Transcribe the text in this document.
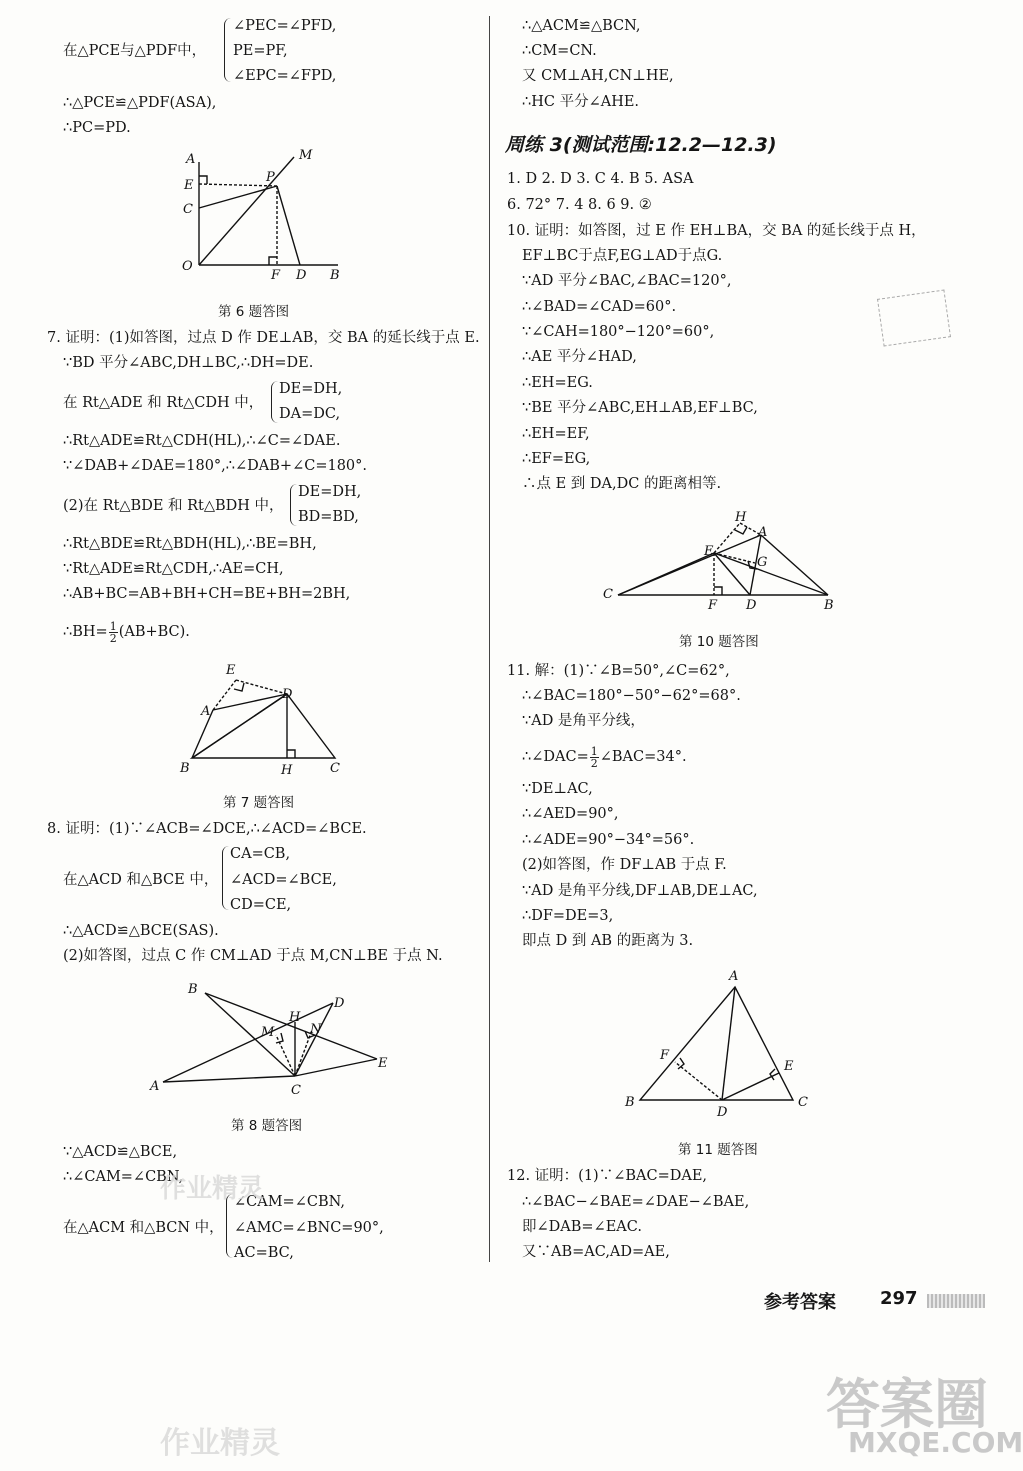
在△PCE与△PDF中，
∠PEC=∠PFD,
PE=PF,
∠EPC=∠FPD,
∴△PCE≌△PDF(ASA),
∴PC=PD.
A	M
E
P
C
O
F D B
第 6 题答图
7. 证明：(1)如答图，过点 D 作 DE⊥AB，交 BA 的延长线于点 E.
∵BD 平分∠ABC,DH⊥BC,∴DH=DE.
在 Rt△ADE 和 Rt△CDH 中，
DE=DH,
DA=DC,
∴Rt△ADE≌Rt△CDH(HL),∴∠C=∠DAE.
∵∠DAB+∠DAE=180°,∴∠DAB+∠C=180°.
(2)在 Rt△BDE 和 Rt△BDH 中，
DE=DH,
BD=BD,
∴Rt△BDE≌Rt△BDH(HL),∴BE=BH,
∵Rt△ADE≌Rt△CDH,∴AE=CH,
∴AB+BC=AB+BH+CH=BE+BH=2BH,
∴BH= $\frac{1}{2} (AB+BC)$.
E
D
A
B	H	C
第 7 题答图
8. 证明：(1)∵∠ACB=∠DCE,∴∠ACD=∠BCE.
在△ACD 和△BCE 中，
CA=CB,
∠ACD=∠BCE,
CD=CE,
∴△ACD≌△BCE(SAS).
(2)如答图，过点 C 作 CM⊥AD 于点 M,CN⊥BE 于点 N.
B
D
H
M	N
E
A	C
第 8 题答图
∵△ACD≌△BCE,
∴∠CAM=∠CBN,
在△ACM 和△BCN 中，
∠CAM=∠CBN,
∠AMC=∠BNC=90°,
AC=BC,
∴△ACM≌△BCN,
∴CM=CN.
又 CM⊥AH,CN⊥HE,
∴HC 平分∠AHE.
周练 3(测试范围:12.2—12.3)
1. D 2. D 3. C 4. B 5. ASA
6. 72° 7. 4 8. 6 9. ②
10. 证明：如答图，过 E 作 EH⊥BA，交 BA 的延长线于点 H，
EF⊥BC于点F,EG⊥AD于点G.
∵AD 平分∠BAC,∠BAC=120°,
∴∠BAD=∠CAD=60°.
∵∠CAH=180°−120°=60°,
∴AE 平分∠HAD,
∴EH=EG.
∵BE 平分∠ABC,EH⊥AB,EF⊥BC,
∴EH=EF,
∴EF=EG,
∴点 E 到 DA,DC 的距离相等.
H
A
E
G
C
F D	B
第 10 题答图
11. 解：(1)∵∠B=50°,∠C=62°,
∴∠BAC=180°−50°−62°=68°.
∵AD 是角平分线，
∴∠DAC= $\frac{1}{2}$ ∠BAC=34°.
∵DE⊥AC,
∴∠AED=90°,
∴∠ADE=90°−34°=56°.
(2)如答图，作 DF⊥AB 于点 F.
∵AD 是角平分线,DF⊥AB,DE⊥AC,
∴DF=DE=3,
即点 D 到 AB 的距离为 3.
A
F
E
B
D
C
第 11 题答图
12. 证明：(1)∵∠BAC=DAE,
∴∠BAC−∠BAE=∠DAE−∠BAE,
即∠DAB=∠EAC.
又∵AB=AC,AD=AE,
参考答案 297
作业精灵
作业精灵
答案圈
MXQE.COM
